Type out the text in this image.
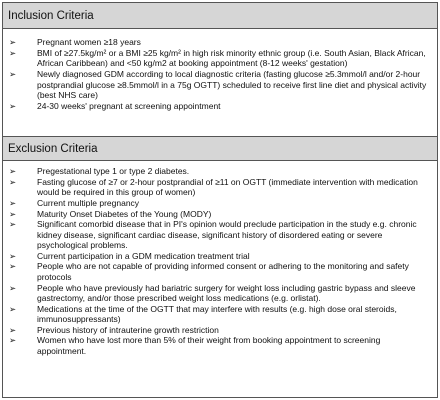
Inclusion Criteria
➢ Pregnant women ≥18 years
➢ BMI of ≥27.5kg/m² or a BMI ≥25 kg/m² in high risk minority ethnic group (i.e. South Asian, Black African, African Caribbean) and <50 kg/m2 at booking appointment (8-12 weeks' gestation)
➢ Newly diagnosed GDM according to local diagnostic criteria (fasting glucose ≥5.3mmol/l and/or 2-hour postprandial glucose ≥8.5mmol/l in a 75g OGTT) scheduled to receive first line diet and physical activity (best NHS care)
➢ 24-30 weeks' pregnant at screening appointment
Exclusion Criteria
➢ Pregestational type 1 or type 2 diabetes.
➢ Fasting glucose of ≥7 or 2-hour postprandial of ≥11 on OGTT (immediate intervention with medication would be required in this group of women)
➢ Current multiple pregnancy
➢ Maturity Onset Diabetes of the Young (MODY)
➢ Significant comorbid disease that in PI's opinion would preclude participation in the study e.g. chronic kidney disease, significant cardiac disease, significant history of disordered eating or severe psychological problems.
➢ Current participation in a GDM medication treatment trial
➢ People who are not capable of providing informed consent or adhering to the monitoring and safety protocols
➢ People who have previously had bariatric surgery for weight loss including gastric bypass and sleeve gastrectomy, and/or those prescribed weight loss medications (e.g. orlistat).
➢ Medications at the time of the OGTT that may interfere with results (e.g. high dose oral steroids, immunosuppressants)
➢ Previous history of intrauterine growth restriction
➢ Women who have lost more than 5% of their weight from booking appointment to screening appointment.
